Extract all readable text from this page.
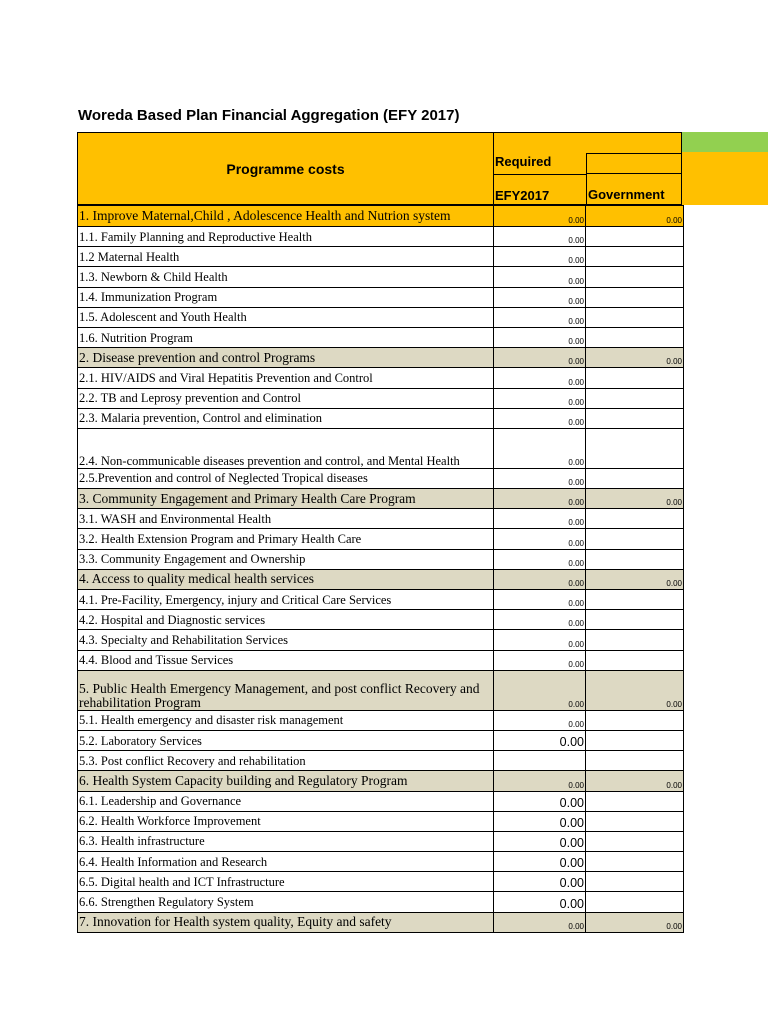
Woreda Based Plan Financial Aggregation (EFY 2017)
Programme costs	Required
EFY2017	Government
1. Improve Maternal,Child , Adolescence Health and Nutrion system	0.00	0.00
1.1. Family Planning and Reproductive Health	0.00	
1.2 Maternal Health	0.00	
1.3. Newborn & Child Health	0.00	
1.4. Immunization Program	0.00	
1.5. Adolescent and Youth Health	0.00	
1.6. Nutrition Program	0.00	
2. Disease prevention and control Programs	0.00	0.00
2.1. HIV/AIDS and Viral Hepatitis Prevention and Control	0.00	
2.2. TB and Leprosy prevention and Control	0.00	
2.3. Malaria prevention, Control and elimination	0.00	
2.4. Non-communicable diseases prevention and control, and Mental Health	0.00	
2.5.Prevention and control of Neglected Tropical diseases	0.00	
3. Community Engagement and Primary Health Care Program	0.00	0.00
3.1. WASH and Environmental Health	0.00	
3.2. Health Extension Program and Primary Health Care	0.00	
3.3. Community Engagement and Ownership	0.00	
4. Access to quality medical health services	0.00	0.00
4.1. Pre-Facility, Emergency, injury and Critical Care Services	0.00	
4.2. Hospital and Diagnostic services	0.00	
4.3. Specialty and Rehabilitation Services	0.00	
4.4. Blood and Tissue Services	0.00	
5. Public Health Emergency Management, and post conflict Recovery and rehabilitation Program	0.00	0.00
5.1. Health emergency and disaster risk management	0.00	
5.2. Laboratory Services	0.00	
5.3. Post conflict Recovery and rehabilitation		
6. Health System Capacity building and Regulatory Program	0.00	0.00
6.1. Leadership and Governance	0.00	
6.2. Health Workforce Improvement	0.00	
6.3. Health infrastructure	0.00	
6.4. Health Information and Research	0.00	
6.5. Digital health and ICT Infrastructure	0.00	
6.6. Strengthen Regulatory System	0.00	
7. Innovation for Health system quality, Equity and safety	0.00	0.00
